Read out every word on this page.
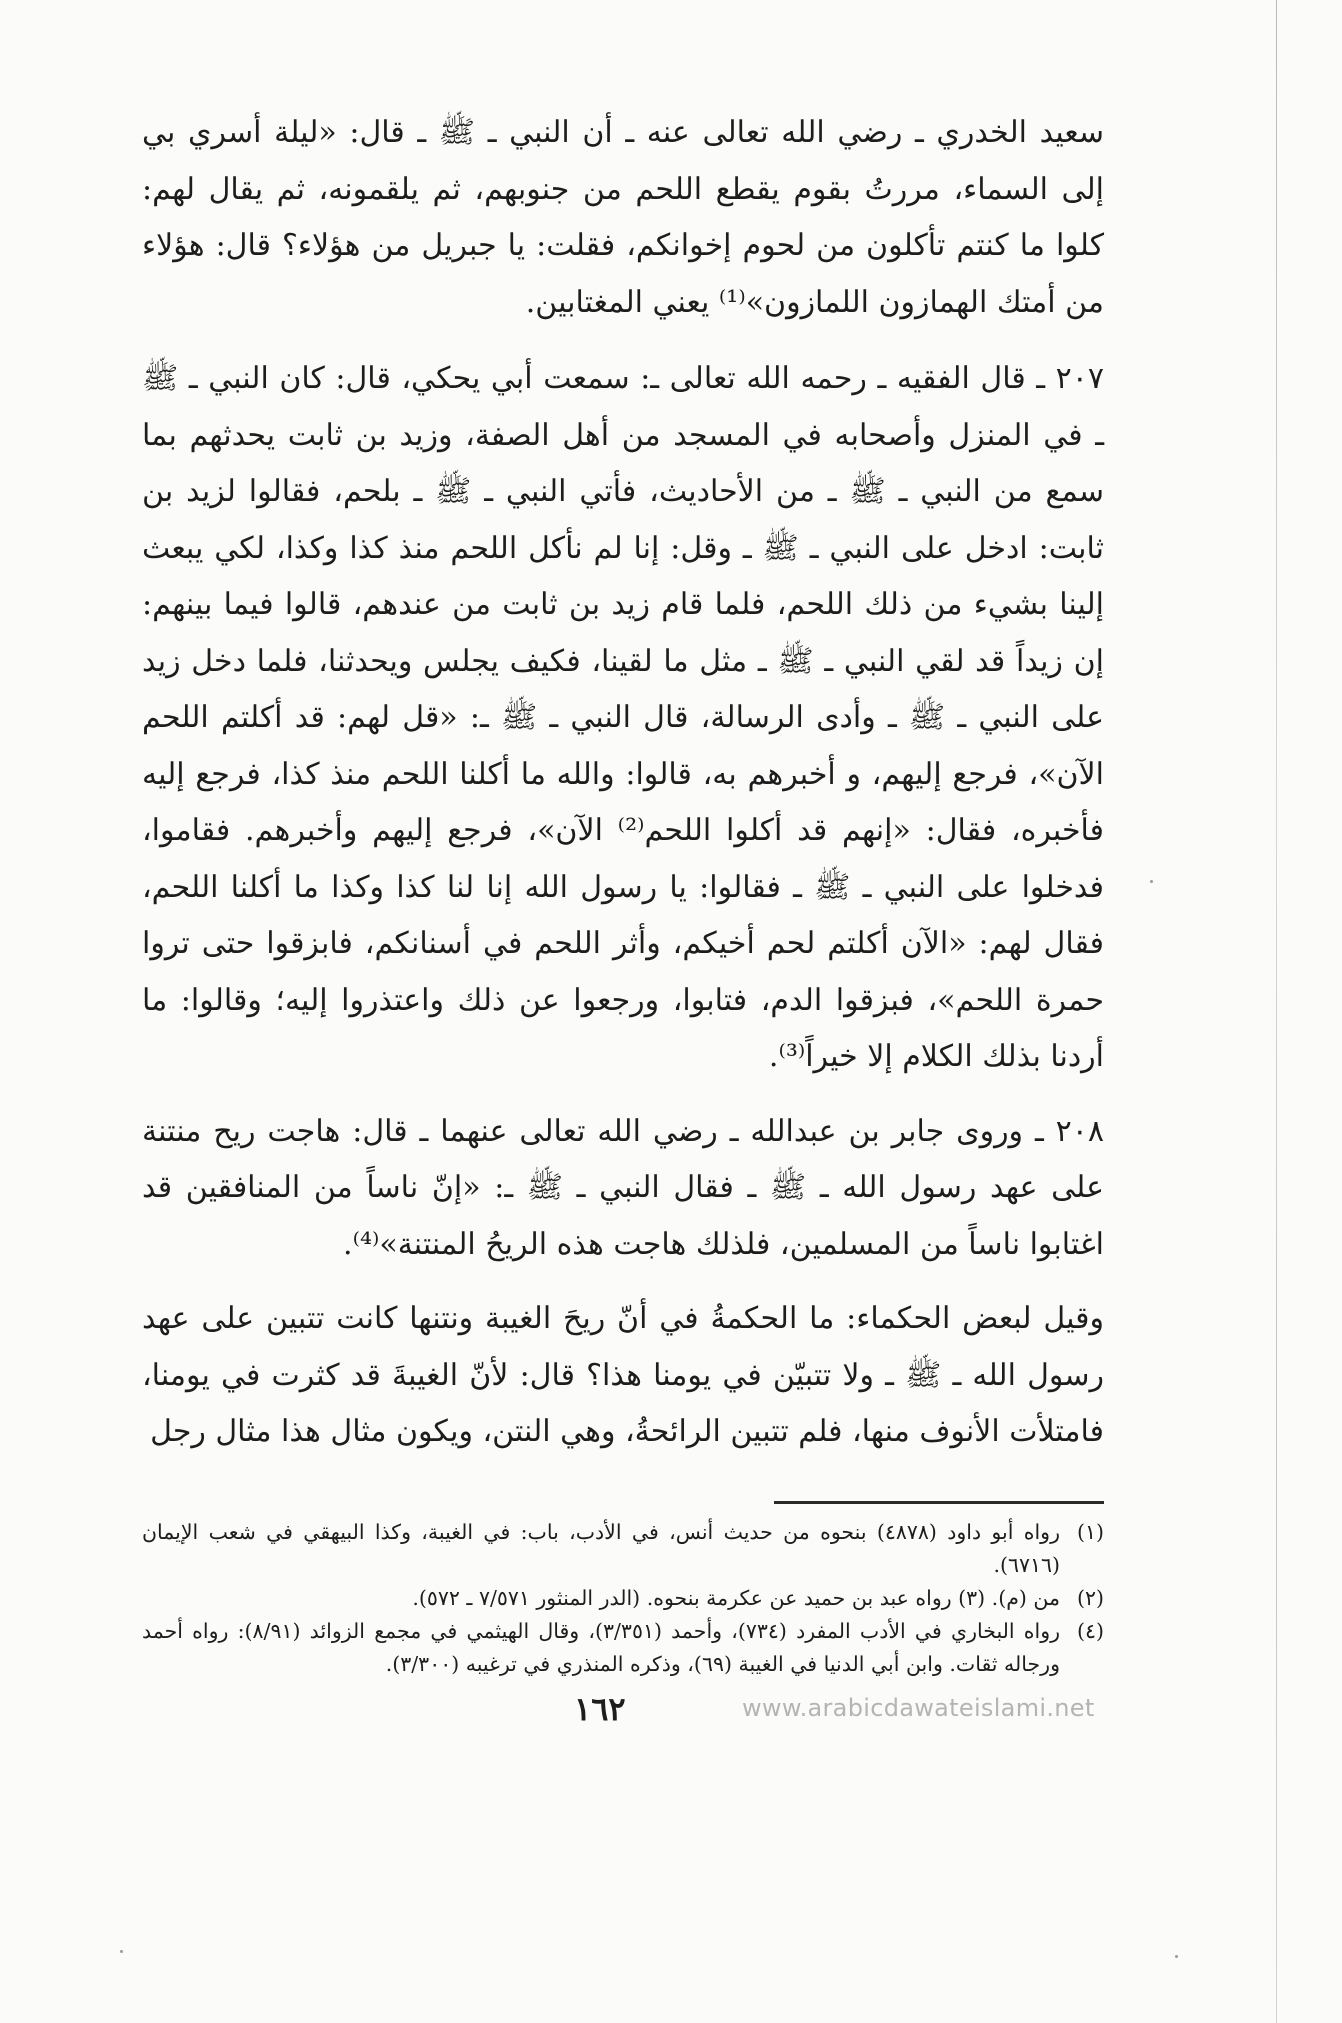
سعيد الخدري ـ رضي الله تعالى عنه ـ أن النبي ـ ﷺ ـ قال: «ليلة أسري بي إلى السماء، مررتُ بقوم يقطع اللحم من جنوبهم، ثم يلقمونه، ثم يقال لهم: كلوا ما كنتم تأكلون من لحوم إخوانكم، فقلت: يا جبريل من هؤلاء؟ قال: هؤلاء من أمتك الهمازون اللمازون»⁽¹⁾ يعني المغتابين.

٢٠٧ ـ قال الفقيه ـ رحمه الله تعالى ـ: سمعت أبي يحكي، قال: كان النبي ـ ﷺ ـ في المنزل وأصحابه في المسجد من أهل الصفة، وزيد بن ثابت يحدثهم بما سمع من النبي ـ ﷺ ـ من الأحاديث، فأتي النبي ـ ﷺ ـ بلحم، فقالوا لزيد بن ثابت: ادخل على النبي ـ ﷺ ـ وقل: إنا لم نأكل اللحم منذ كذا وكذا، لكي يبعث إلينا بشيء من ذلك اللحم، فلما قام زيد بن ثابت من عندهم، قالوا فيما بينهم: إن زيداً قد لقي النبي ـ ﷺ ـ مثل ما لقينا، فكيف يجلس ويحدثنا، فلما دخل زيد على النبي ـ ﷺ ـ وأدى الرسالة، قال النبي ـ ﷺ ـ: «قل لهم: قد أكلتم اللحم الآن»، فرجع إليهم، و أخبرهم به، قالوا: والله ما أكلنا اللحم منذ كذا، فرجع إليه فأخبره، فقال: «إنهم قد أكلوا اللحم⁽²⁾ الآن»، فرجع إليهم وأخبرهم. فقاموا، فدخلوا على النبي ـ ﷺ ـ فقالوا: يا رسول الله إنا لنا كذا وكذا ما أكلنا اللحم، فقال لهم: «الآن أكلتم لحم أخيكم، وأثر اللحم في أسنانكم، فابزقوا حتى تروا حمرة اللحم»، فبزقوا الدم، فتابوا، ورجعوا عن ذلك واعتذروا إليه؛ وقالوا: ما أردنا بذلك الكلام إلا خيراً⁽³⁾.

٢٠٨ ـ وروى جابر بن عبدالله ـ رضي الله تعالى عنهما ـ قال: هاجت ريح منتنة على عهد رسول الله ـ ﷺ ـ فقال النبي ـ ﷺ ـ: «إنّ ناساً من المنافقين قد اغتابوا ناساً من المسلمين، فلذلك هاجت هذه الريحُ المنتنة»⁽⁴⁾.

وقيل لبعض الحكماء: ما الحكمةُ في أنّ ريحَ الغيبة ونتنها كانت تتبين على عهد رسول الله ـ ﷺ ـ ولا تتبيّن في يومنا هذا؟ قال: لأنّ الغيبةَ قد كثرت في يومنا، فامتلأت الأنوف منها، فلم تتبين الرائحةُ، وهي النتن، ويكون مثال هذا مثال رجل

(١)
رواه أبو داود (٤٨٧٨) بنحوه من حديث أنس، في الأدب، باب: في الغيبة، وكذا البيهقي في شعب الإيمان (٦٧١٦).
(٢)
من (م). (٣) رواه عبد بن حميد عن عكرمة بنحوه. (الدر المنثور ٧/٥٧١ ـ ٥٧٢).
(٤)
رواه البخاري في الأدب المفرد (٧٣٤)، وأحمد (٣/٣٥١)، وقال الهيثمي في مجمع الزوائد (٨/٩١): رواه أحمد ورجاله ثقات. وابن أبي الدنيا في الغيبة (٦٩)، وذكره المنذري في ترغيبه (٣/٣٠٠).
١٦٢	www.arabicdawateislami.net
